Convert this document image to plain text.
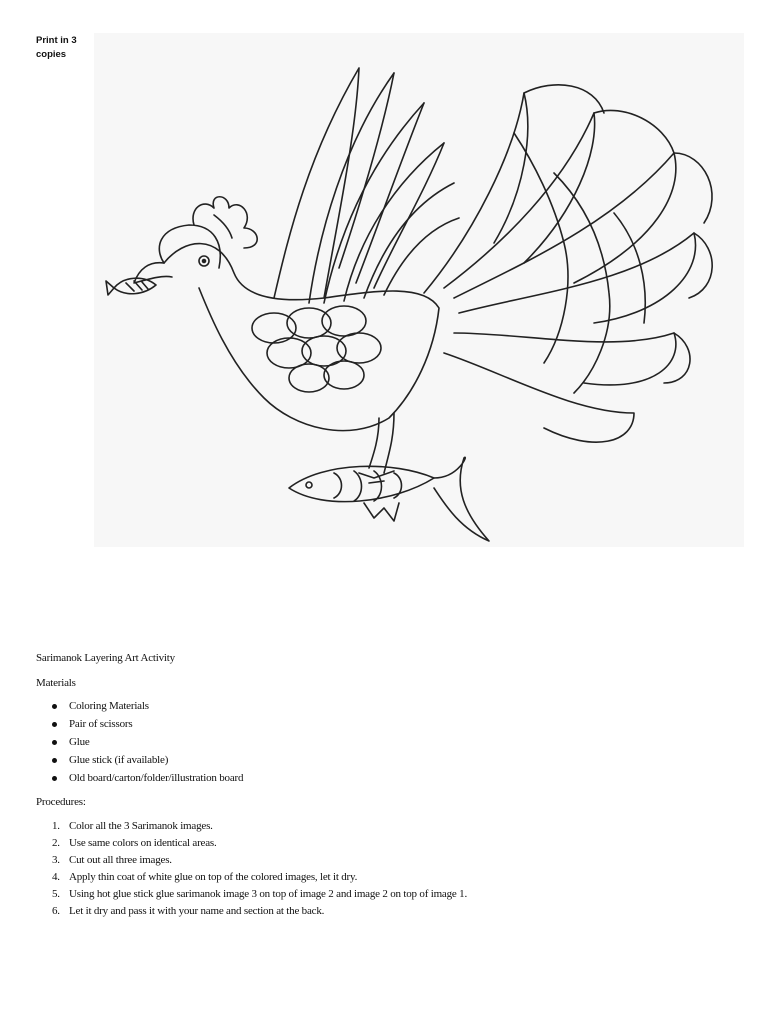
Print in 3 copies
Sarimanok Layering Art Activity
Materials
Coloring Materials
Pair of scissors
Glue
Glue stick (if available)
Old board/carton/folder/illustration board
Procedures:
1. Color all the 3 Sarimanok images.
2. Use same colors on identical areas.
3. Cut out all three images.
4. Apply thin coat of white glue on top of the colored images, let it dry.
5. Using hot glue stick glue sarimanok image 3 on top of image 2 and image 2 on top of image 1.
6. Let it dry and pass it with your name and section at the back.
